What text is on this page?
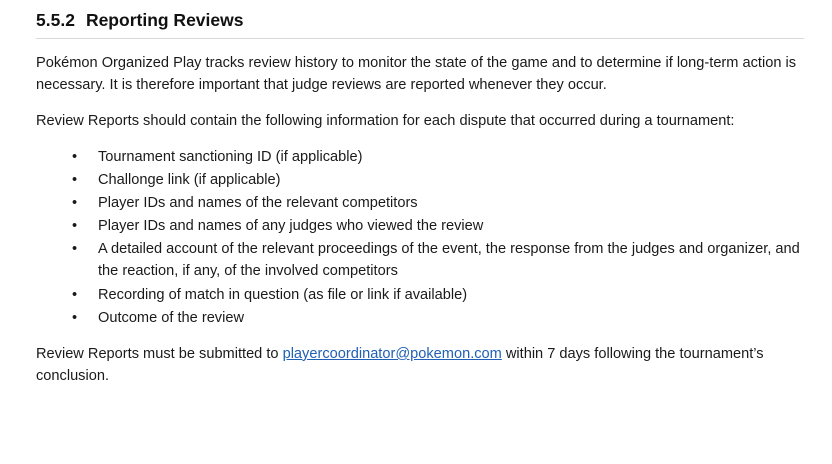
5.5.2 Reporting Reviews

Pokémon Organized Play tracks review history to monitor the state of the game and to determine if long-term action is necessary. It is therefore important that judge reviews are reported whenever they occur.

Review Reports should contain the following information for each dispute that occurred during a tournament:

• Tournament sanctioning ID (if applicable)
• Challonge link (if applicable)
• Player IDs and names of the relevant competitors
• Player IDs and names of any judges who viewed the review
• A detailed account of the relevant proceedings of the event, the response from the judges and organizer, and the reaction, if any, of the involved competitors
• Recording of match in question (as file or link if available)
• Outcome of the review

Review Reports must be submitted to playercoordinator@pokemon.com within 7 days following the tournament’s conclusion.
